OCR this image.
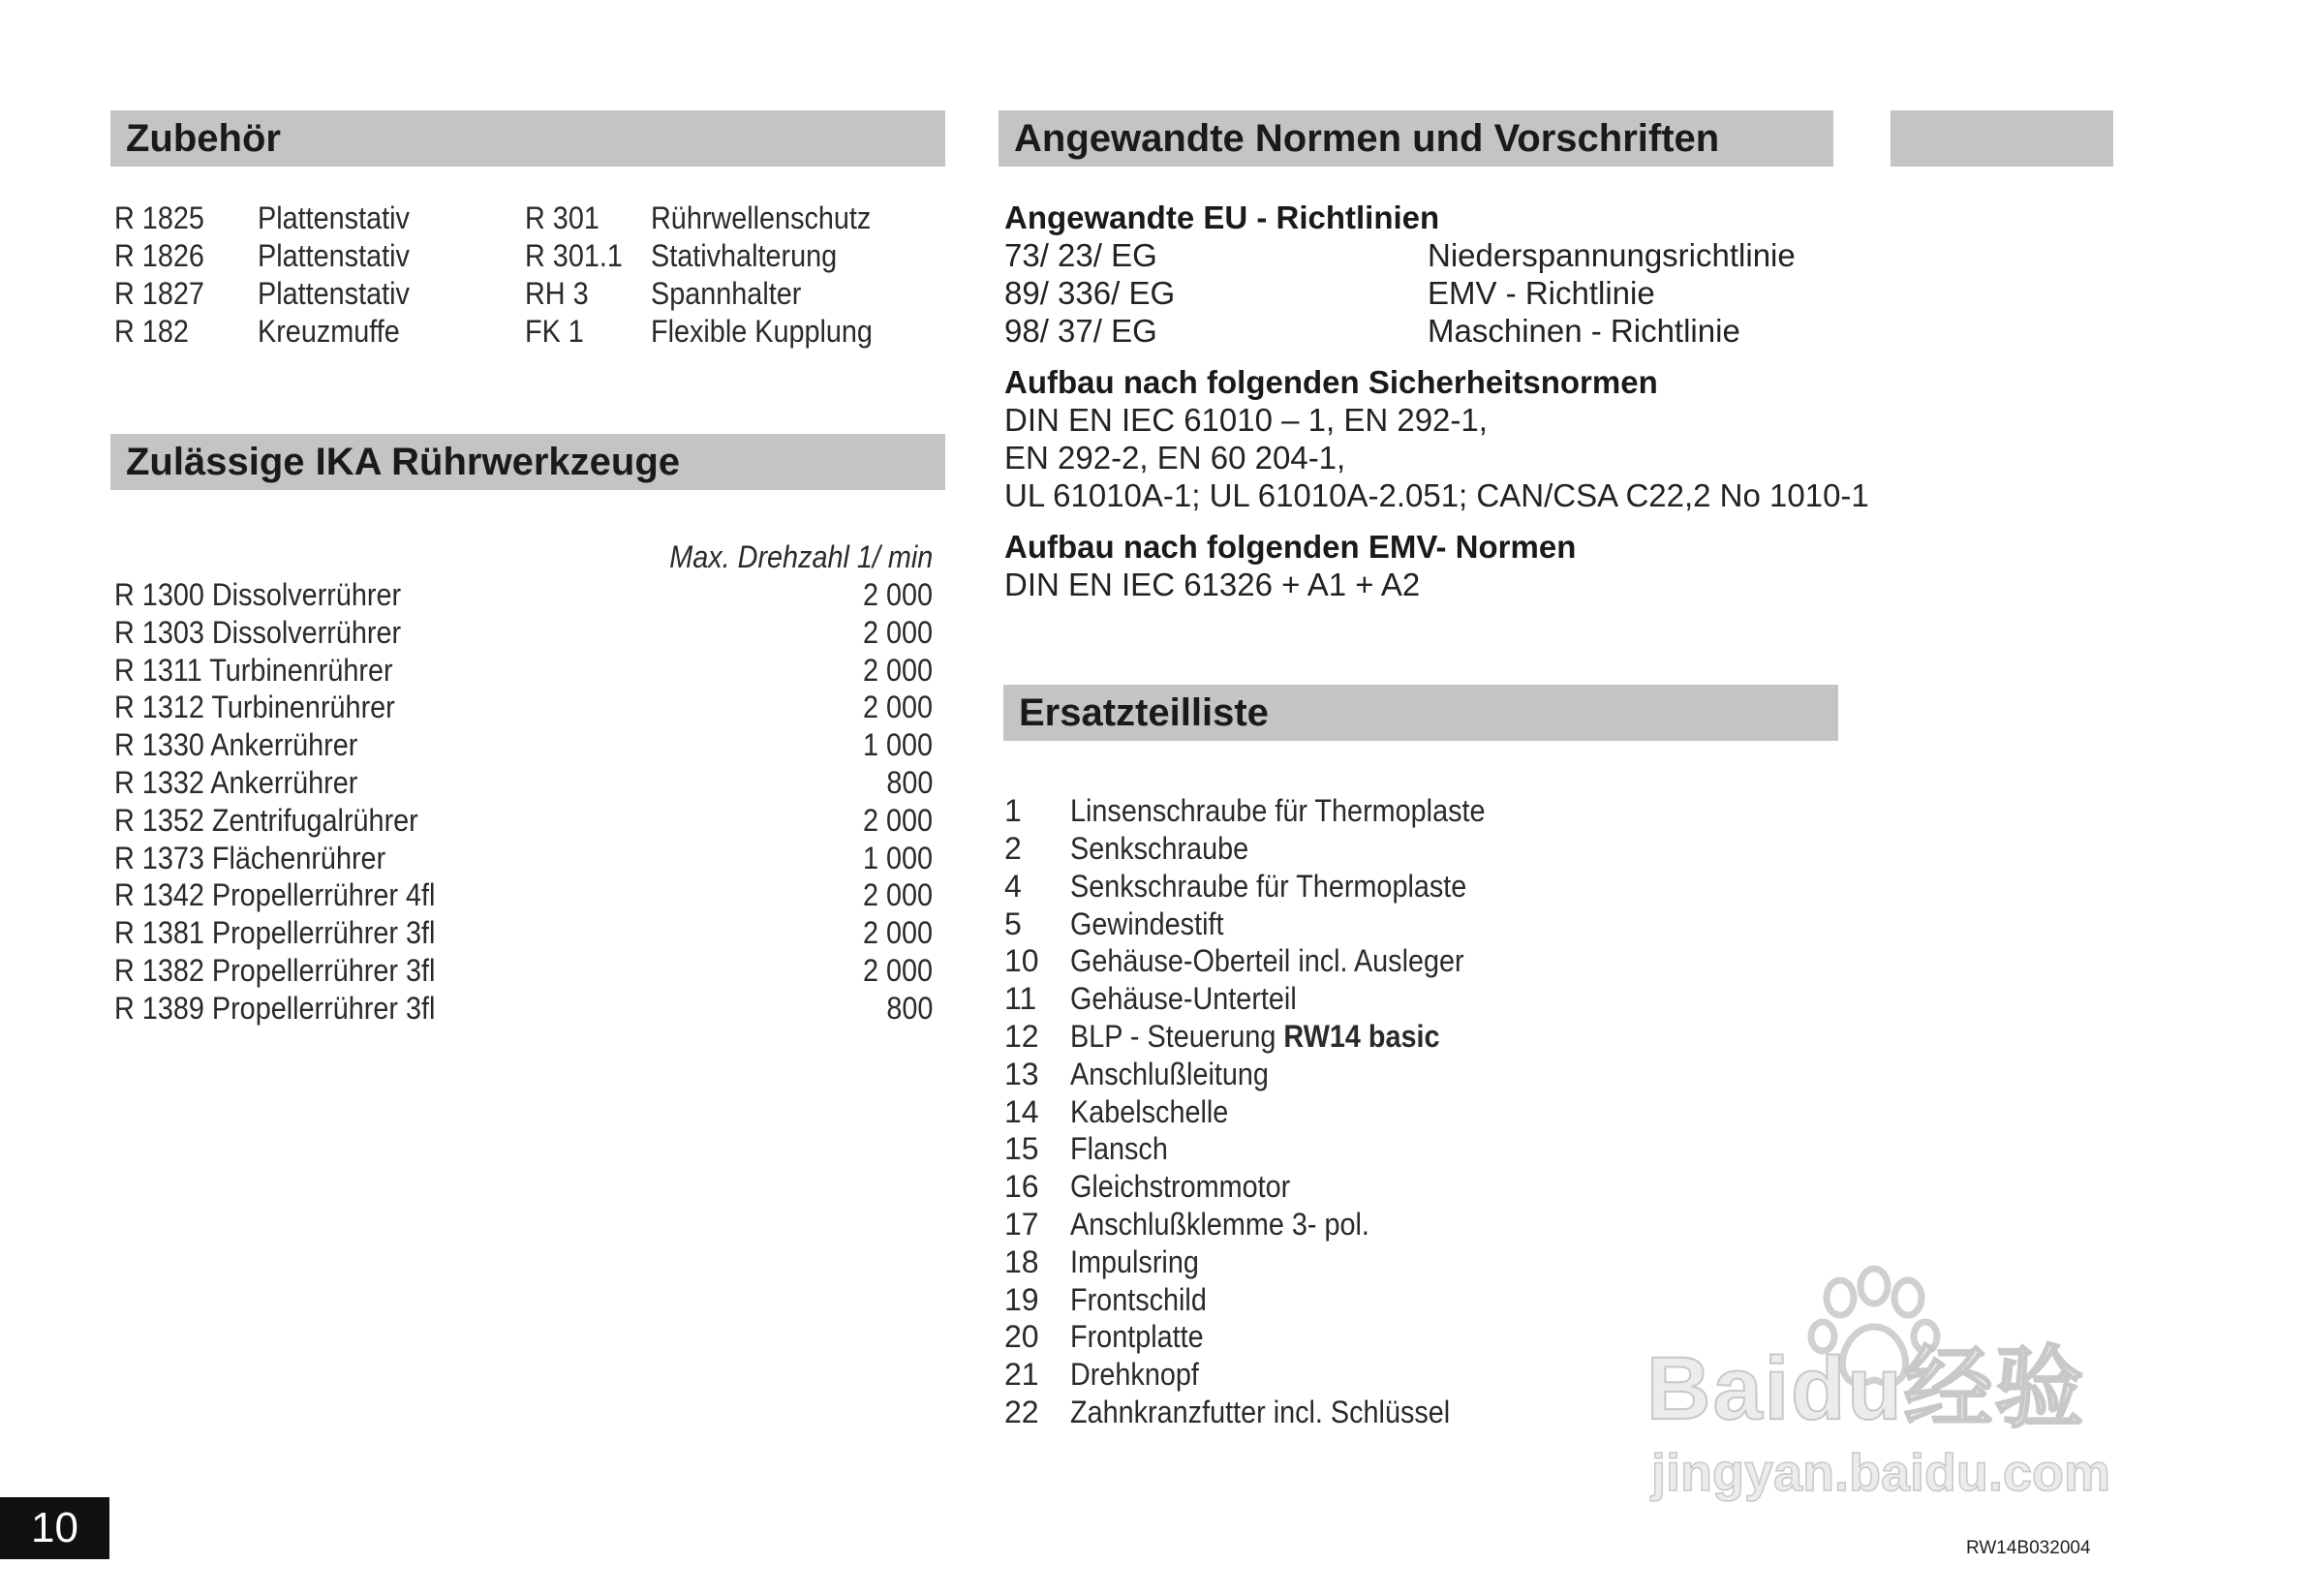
Zubehör
Zulässige IKA Rührwerkzeuge
Angewandte Normen und Vorschriften
Ersatzteilliste
R 1825 Plattenstativ	R 301 Rührwellenschutz
R 1826 Plattenstativ	R 301.1 Stativhalterung
R 1827 Plattenstativ	RH 3 Spannhalter
R 182 Kreuzmuffe	FK 1 Flexible Kupplung
Max. Drehzahl 1/ min
R 1300 Dissolverrührer	2 000
R 1303 Dissolverrührer	2 000
R 1311 Turbinenrührer	2 000
R 1312 Turbinenrührer	2 000
R 1330 Ankerrührer	1 000
R 1332 Ankerrührer	800
R 1352 Zentrifugalrührer	2 000
R 1373 Flächenrührer	1 000
R 1342 Propellerrührer 4fl	2 000
R 1381 Propellerrührer 3fl	2 000
R 1382 Propellerrührer 3fl	2 000
R 1389 Propellerrührer 3fl	800
Angewandte EU - Richtlinien
73/ 23/ EG	Niederspannungsrichtlinie
89/ 336/ EG	EMV - Richtlinie
98/ 37/ EG	Maschinen - Richtlinie
Aufbau nach folgenden Sicherheitsnormen
DIN EN IEC 61010 – 1, EN 292-1,
EN 292-2, EN 60 204-1,
UL 61010A-1; UL 61010A-2.051; CAN/CSA C22,2 No 1010-1
Aufbau nach folgenden EMV- Normen
DIN EN IEC 61326 + A1 + A2
1 Linsenschraube für Thermoplaste
2 Senkschraube
4 Senkschraube für Thermoplaste
5 Gewindestift
10 Gehäuse-Oberteil incl. Ausleger
11 Gehäuse-Unterteil
12 BLP - Steuerung RW14 basic
13 Anschlußleitung
14 Kabelschelle
15 Flansch
16 Gleichstrommotor
17 Anschlußklemme 3- pol.
18 Impulsring
19 Frontschild
20 Frontplatte
21 Drehknopf
22 Zahnkranzfutter incl. Schlüssel Baidu经验
jingyan.baidu.com
10	RW14B032004
